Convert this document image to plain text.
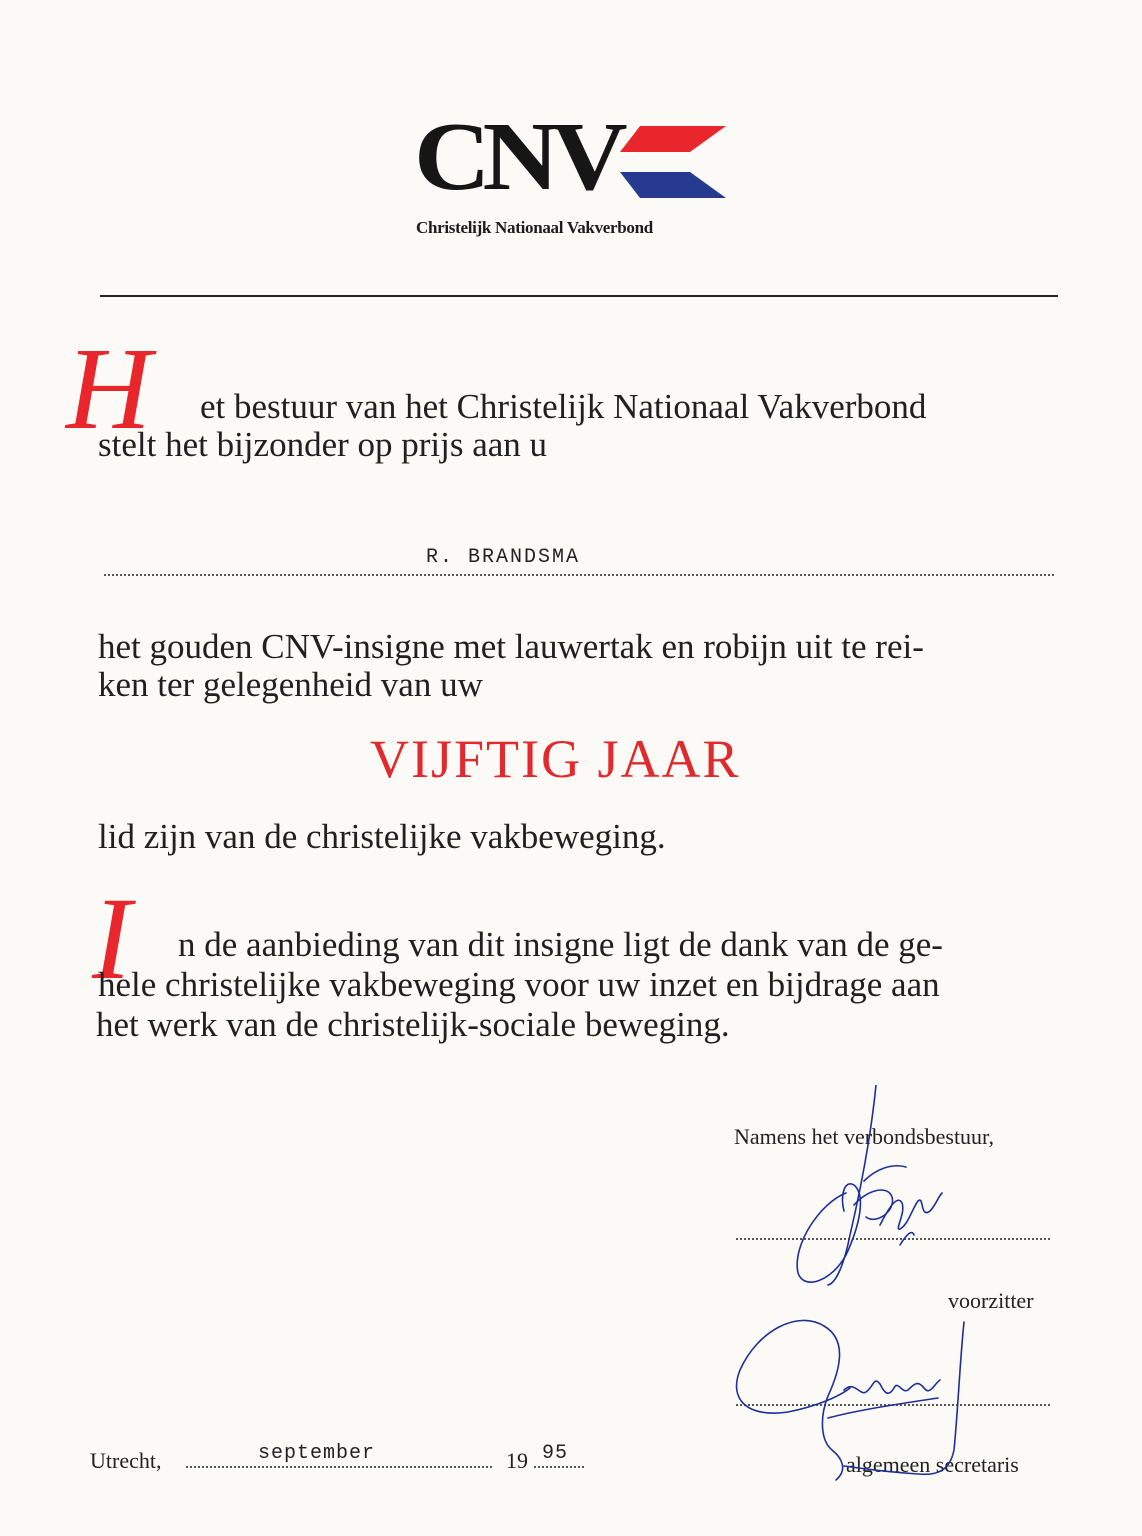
CNV
Christelijk Nationaal Vakverbond
H et bestuur van het Christelijk Nationaal Vakverbond
stelt het bijzonder op prijs aan u
R. BRANDSMA
het gouden CNV-insigne met lauwertak en robijn uit te rei-
ken ter gelegenheid van uw
VIJFTIG JAAR
lid zijn van de christelijke vakbeweging.
I n de aanbieding van dit insigne ligt de dank van de ge-
hele christelijke vakbeweging voor uw inzet en bijdrage aan
het werk van de christelijk-sociale beweging.
Namens het verbondsbestuur,
voorzitter
algemeen secretaris
Utrecht,	september	19 95
